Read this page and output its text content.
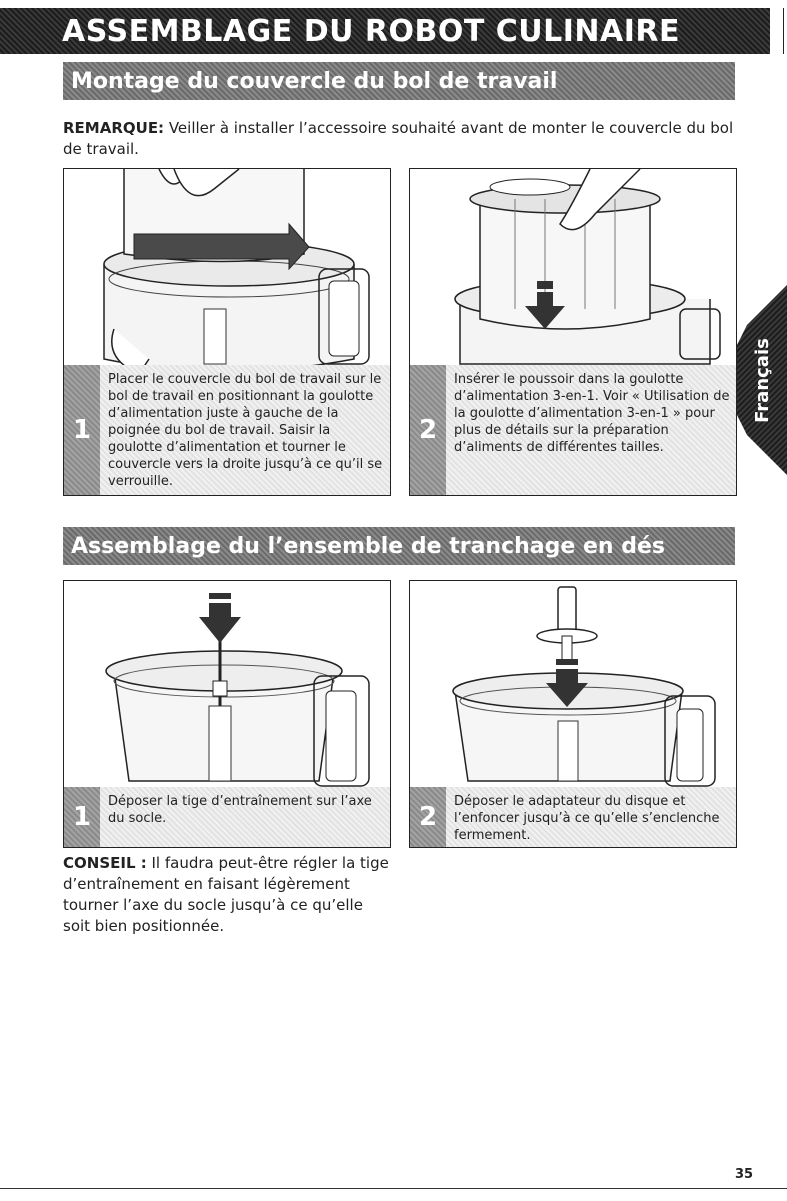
ASSEMBLAGE DU ROBOT CULINAIRE
Montage du couvercle du bol de travail
REMARQUE: Veiller à installer l’accessoire souhaité avant de monter le couvercle du bol de travail.
1
Placer le couvercle du bol de travail sur le bol de travail en positionnant la goulotte d’alimentation juste à gauche de la poignée du bol de travail. Saisir la goulotte d’alimentation et tourner le couvercle vers la droite jusqu’à ce qu’il se verrouille.
2
Insérer le poussoir dans la goulotte d’alimentation 3-en-1. Voir « Utilisation de la goulotte d’alimentation 3-en-1 » pour plus de détails sur la préparation d’aliments de différentes tailles.
Français
Assemblage du l’ensemble de tranchage en dés
1
Déposer la tige d’entraînement sur l’axe du socle.	2
Déposer le adaptateur du disque et l’enfoncer jusqu’à ce qu’elle s’enclenche fermement.
CONSEIL : Il faudra peut-être régler la tige d’entraînement en faisant légèrement tourner l’axe du socle jusqu’à ce qu’elle soit bien positionnée.
35
